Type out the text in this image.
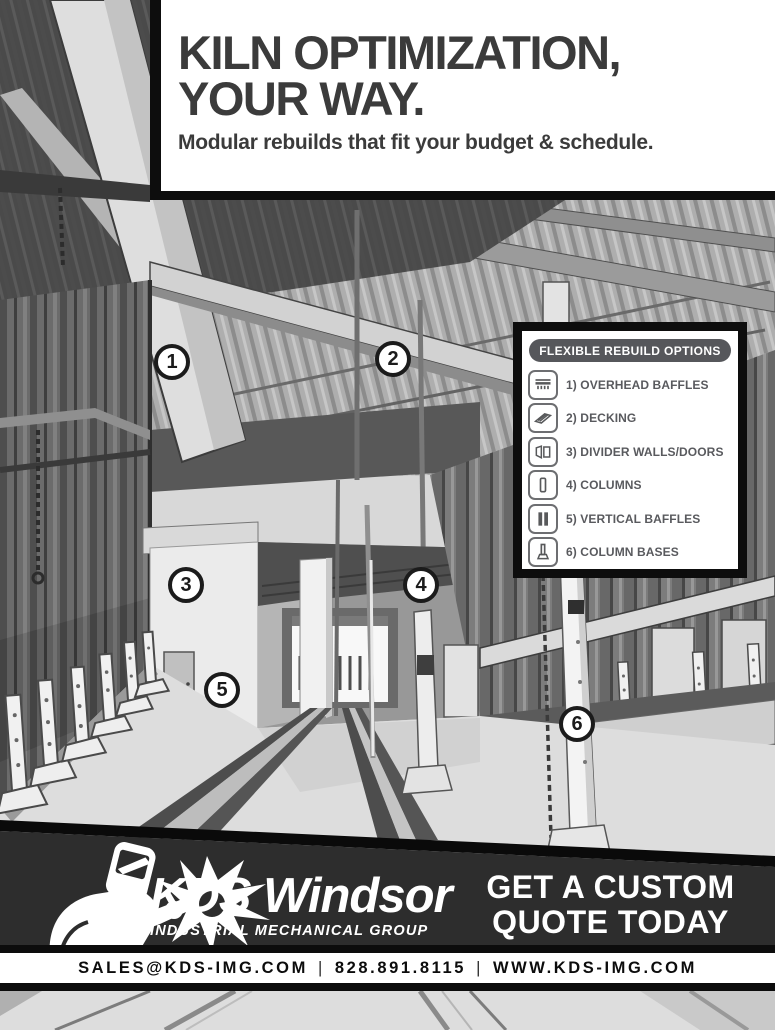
KILN OPTIMIZATION,
YOUR WAY.
Modular rebuilds that fit your budget & schedule.
FLEXIBLE REBUILD OPTIONS
1) OVERHEAD BAFFLES
2) DECKING
3) DIVIDER WALLS/DOORS
4) COLUMNS
5) VERTICAL BAFFLES
6) COLUMN BASES
1	2
3	4
5
6
KDS Windsor
INDUSTRIAL MECHANICAL GROUP
GET A CUSTOM
QUOTE TODAY
SALES@KDS-IMG.COM | 828.891.8115 | WWW.KDS-IMG.COM
